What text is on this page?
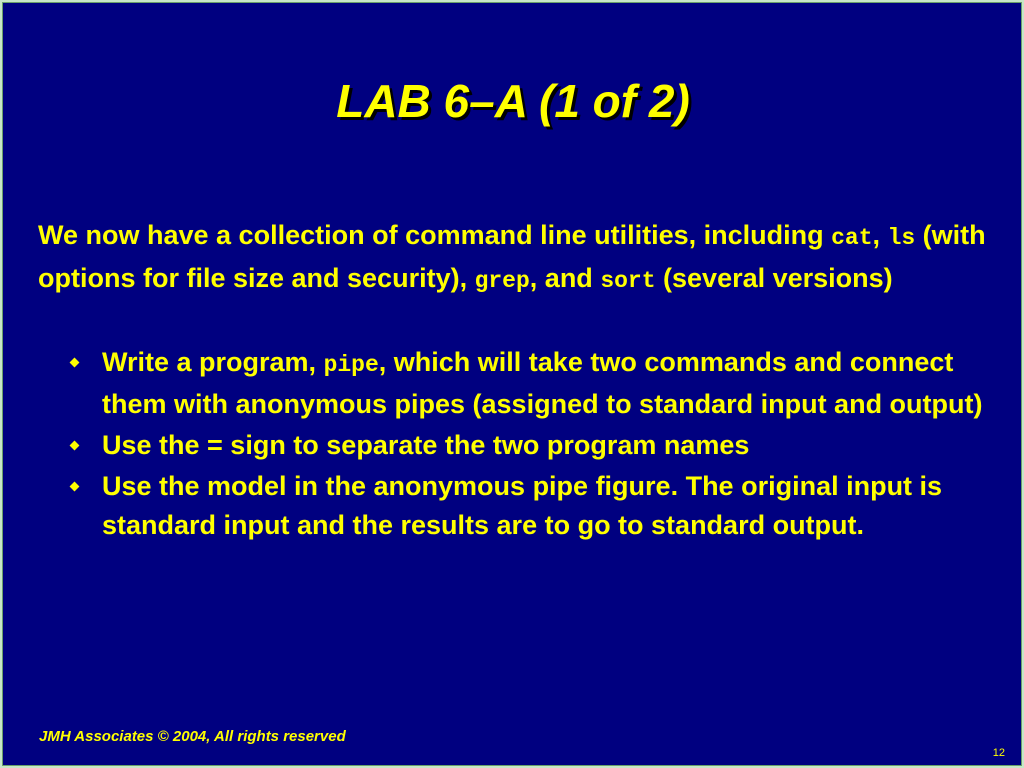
LAB 6–A (1 of 2)
We now have a collection of command line utilities, including cat, ls (with options for file size and security), grep, and sort (several versions)
Write a program, pipe, which will take two commands and connect them with anonymous pipes (assigned to standard input and output)
Use the = sign to separate the two program names
Use the model in the anonymous pipe figure. The original input is standard input and the results are to go to standard output.
JMH Associates © 2004, All rights reserved
12
